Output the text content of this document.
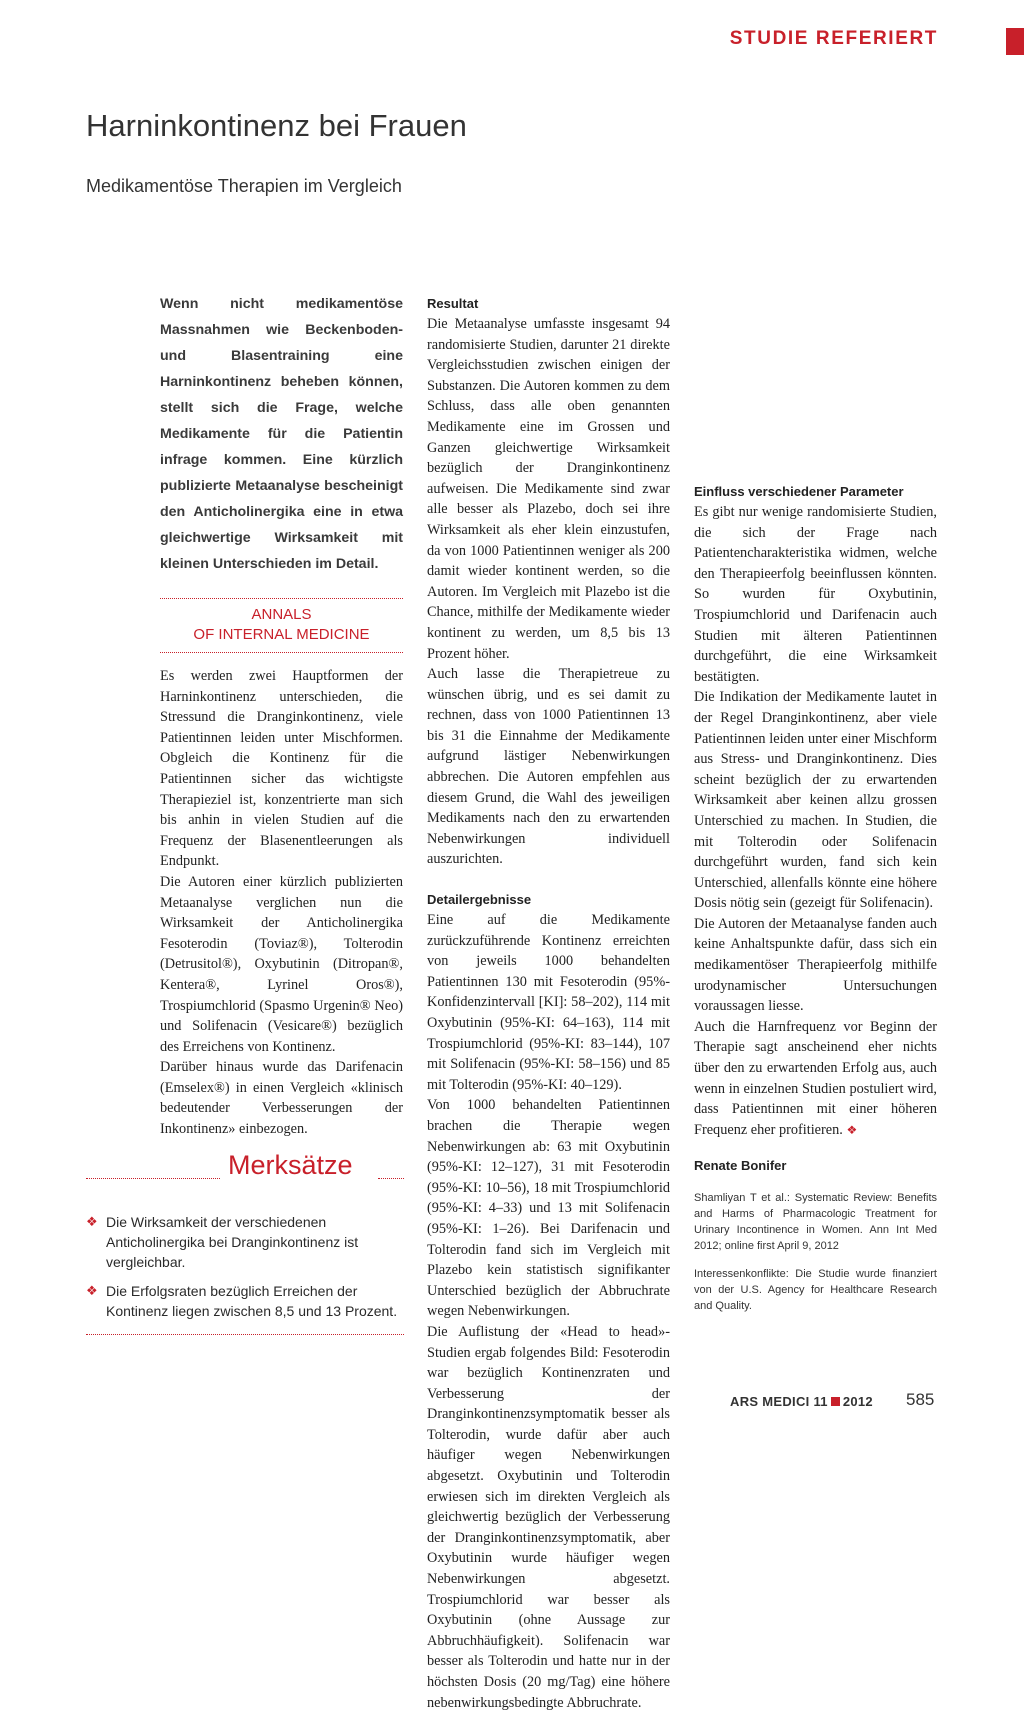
STUDIE REFERIERT
Harninkontinenz bei Frauen
Medikamentöse Therapien im Vergleich

Wenn nicht medikamentöse Massnahmen wie Beckenboden- und Blasentraining eine Harninkontinenz beheben können, stellt sich die Frage, welche Medikamente für die Patientin infrage kommen. Eine kürzlich publizierte Metaanalyse bescheinigt den Anticholinergika eine in etwa gleichwertige Wirksamkeit mit kleinen Unterschieden im Detail.

ANNALS
OF INTERNAL MEDICINE

Es werden zwei Hauptformen der Harninkontinenz unterschieden, die Stressund die Dranginkontinenz, viele Patientinnen leiden unter Mischformen. Obgleich die Kontinenz für die Patientinnen sicher das wichtigste Therapieziel ist, konzentrierte man sich bis anhin in vielen Studien auf die Frequenz der Blasenentleerungen als Endpunkt.

Die Autoren einer kürzlich publizierten Metaanalyse verglichen nun die Wirksamkeit der Anticholinergika Fesoterodin (Toviaz®), Tolterodin (Detrusitol®), Oxybutinin (Ditropan®, Kentera®, Lyrinel Oros®), Trospiumchlorid (Spasmo Urgenin® Neo) und Solifenacin (Vesicare®) bezüglich des Erreichens von Kontinenz.

Darüber hinaus wurde das Darifenacin (Emselex®) in einen Vergleich «klinisch bedeutender Verbesserungen der Inkontinenz» einbezogen.

Merksätze
❖ Die Wirksamkeit der verschiedenen Anticholinergika bei Dranginkontinenz ist vergleichbar.
❖ Die Erfolgsraten bezüglich Erreichen der Kontinenz liegen zwischen 8,5 und 13 Prozent.

Resultat

Die Metaanalyse umfasste insgesamt 94 randomisierte Studien, darunter 21 direkte Vergleichsstudien zwischen einigen der Substanzen. Die Autoren kommen zu dem Schluss, dass alle oben genannten Medikamente eine im Grossen und Ganzen gleichwertige Wirksamkeit bezüglich der Dranginkontinenz aufweisen. Die Medikamente sind zwar alle besser als Plazebo, doch sei ihre Wirksamkeit als eher klein einzustufen, da von 1000 Patientinnen weniger als 200 damit wieder kontinent werden, so die Autoren. Im Vergleich mit Plazebo ist die Chance, mithilfe der Medikamente wieder kontinent zu werden, um 8,5 bis 13 Prozent höher.

Auch lasse die Therapietreue zu wünschen übrig, und es sei damit zu rechnen, dass von 1000 Patientinnen 13 bis 31 die Einnahme der Medikamente aufgrund lästiger Nebenwirkungen abbrechen. Die Autoren empfehlen aus diesem Grund, die Wahl des jeweiligen Medikaments nach den zu erwartenden Nebenwirkungen individuell auszurichten.

Detailergebnisse

Eine auf die Medikamente zurückzuführende Kontinenz erreichten von jeweils 1000 behandelten Patientinnen 130 mit Fesoterodin (95%-Konfidenzintervall [KI]: 58–202), 114 mit Oxybutinin (95%-KI: 64–163), 114 mit Trospiumchlorid (95%-KI: 83–144), 107 mit Solifenacin (95%-KI: 58–156) und 85 mit Tolterodin (95%-KI: 40–129).

Von 1000 behandelten Patientinnen brachen die Therapie wegen Nebenwirkungen ab: 63 mit Oxybutinin (95%-KI: 12–127), 31 mit Fesoterodin (95%-KI: 10–56), 18 mit Trospiumchlorid (95%-KI: 4–33) und 13 mit Solifenacin (95%-KI: 1–26). Bei Darifenacin und Tolterodin fand sich im Vergleich mit Plazebo kein statistisch signifikanter Unterschied bezüglich der Abbruchrate wegen Nebenwirkungen.

Die Auflistung der «Head to head»-Studien ergab folgendes Bild: Fesoterodin war bezüglich Kontinenzraten und Verbesserung der Dranginkontinenzsymptomatik besser als Tolterodin, wurde dafür aber auch häufiger wegen Nebenwirkungen abgesetzt. Oxybutinin und Tolterodin erwiesen sich im direkten Vergleich als gleichwertig bezüglich der Verbesserung der Dranginkontinenzsymptomatik, aber Oxybutinin wurde häufiger wegen Nebenwirkungen abgesetzt. Trospiumchlorid war besser als Oxybutinin (ohne Aussage zur Abbruchhäufigkeit). Solifenacin war besser als Tolterodin und hatte nur in der höchsten Dosis (20 mg/Tag) eine höhere nebenwirkungsbedingte Abbruchrate.

Einfluss verschiedener Parameter

Es gibt nur wenige randomisierte Studien, die sich der Frage nach Patientencharakteristika widmen, welche den Therapieerfolg beeinflussen könnten. So wurden für Oxybutinin, Trospiumchlorid und Darifenacin auch Studien mit älteren Patientinnen durchgeführt, die eine Wirksamkeit bestätigten.

Die Indikation der Medikamente lautet in der Regel Dranginkontinenz, aber viele Patientinnen leiden unter einer Mischform aus Stress- und Dranginkontinenz. Dies scheint bezüglich der zu erwartenden Wirksamkeit aber keinen allzu grossen Unterschied zu machen. In Studien, die mit Tolterodin oder Solifenacin durchgeführt wurden, fand sich kein Unterschied, allenfalls könnte eine höhere Dosis nötig sein (gezeigt für Solifenacin).

Die Autoren der Metaanalyse fanden auch keine Anhaltspunkte dafür, dass sich ein medikamentöser Therapieerfolg mithilfe urodynamischer Untersuchungen voraussagen liesse.

Auch die Harnfrequenz vor Beginn der Therapie sagt anscheinend eher nichts über den zu erwartenden Erfolg aus, auch wenn in einzelnen Studien postuliert wird, dass Patientinnen mit einer höheren Frequenz eher profitieren. ❖

Renate Bonifer

Shamliyan T et al.: Systematic Review: Benefits and Harms of Pharmacologic Treatment for Urinary Incontinence in Women. Ann Int Med 2012; online first April 9, 2012

Interessenkonflikte: Die Studie wurde finanziert von der U.S. Agency for Healthcare Research and Quality.

ARS MEDICI 11 2012 585
